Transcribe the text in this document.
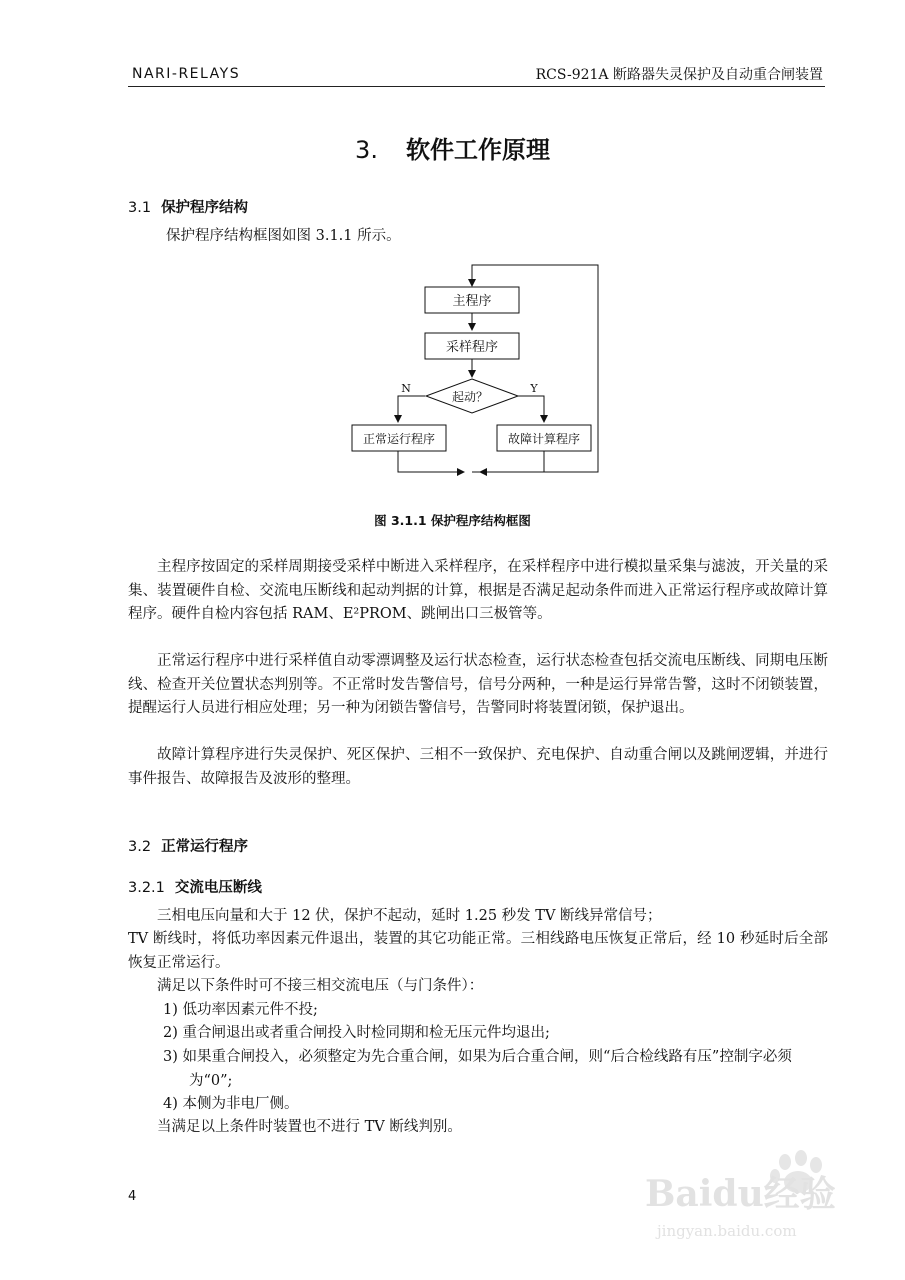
NARI-RELAYS	RCS-921A 断路器失灵保护及自动重合闸装置
3. 软件工作原理
3.1 保护程序结构
保护程序结构框图如图 3.1.1 所示。
主程序
采样程序
起动？
N	Y
正常运行程序	故障计算程序
图 3.1.1 保护程序结构框图
主程序按固定的采样周期接受采样中断进入采样程序，在采样程序中进行模拟量采集与滤波，开关量的采集、装置硬件自检、交流电压断线和起动判据的计算，根据是否满足起动条件而进入正常运行程序或故障计算程序。硬件自检内容包括 RAM、E²PROM、跳闸出口三极管等。
正常运行程序中进行采样值自动零漂调整及运行状态检查，运行状态检查包括交流电压断线、同期电压断线、检查开关位置状态判别等。不正常时发告警信号，信号分两种，一种是运行异常告警，这时不闭锁装置，提醒运行人员进行相应处理；另一种为闭锁告警信号，告警同时将装置闭锁，保护退出。
故障计算程序进行失灵保护、死区保护、三相不一致保护、充电保护、自动重合闸以及跳闸逻辑，并进行事件报告、故障报告及波形的整理。
3.2 正常运行程序
3.2.1 交流电压断线
三相电压向量和大于 12 伏，保护不起动，延时 1.25 秒发 TV 断线异常信号；
TV 断线时，将低功率因素元件退出，装置的其它功能正常。三相线路电压恢复正常后，经 10 秒延时后全部恢复正常运行。
满足以下条件时可不接三相交流电压（与门条件）：
1) 低功率因素元件不投;
2) 重合闸退出或者重合闸投入时检同期和检无压元件均退出;
3) 如果重合闸投入，必须整定为先合重合闸，如果为后合重合闸，则“后合检线路有压”控制字必须为“0”;
4) 本侧为非电厂侧。
当满足以上条件时装置也不进行 TV 断线判别。
4	Baidu经验
jingyan.baidu.com
